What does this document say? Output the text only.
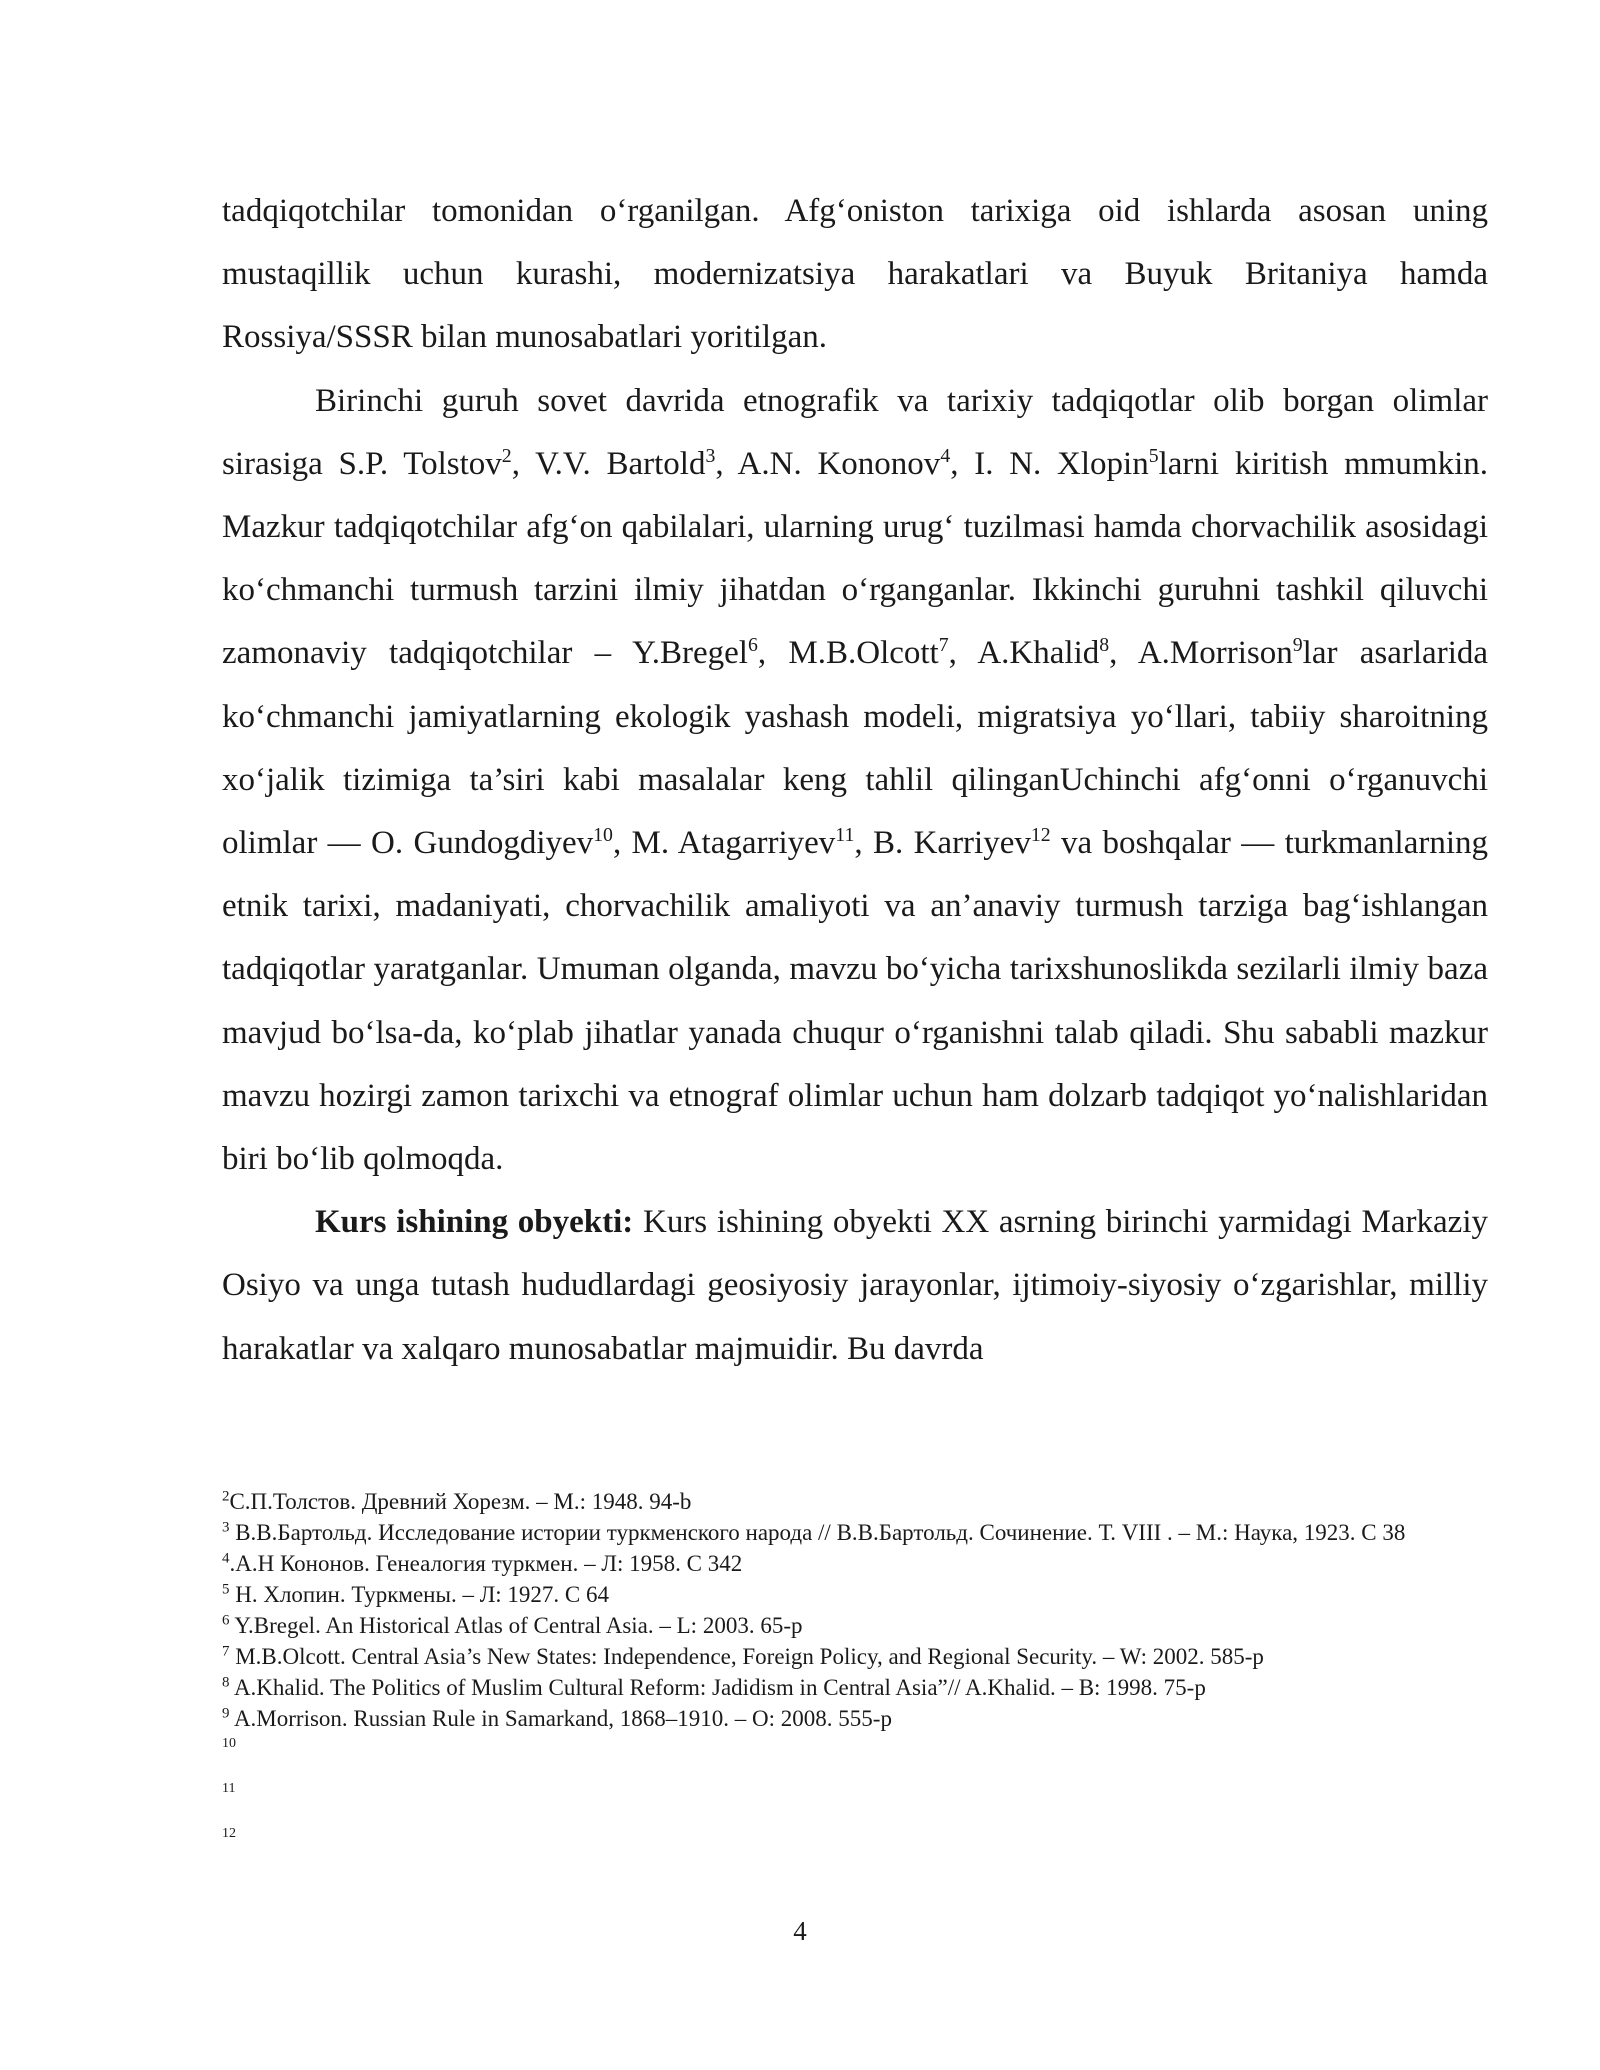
tadqiqotchilar tomonidan o‘rganilgan. Afg‘oniston tarixiga oid ishlarda asosan uning mustaqillik uchun kurashi, modernizatsiya harakatlari va Buyuk Britaniya hamda Rossiya/SSSR bilan munosabatlari yoritilgan.

Birinchi guruh sovet davrida etnografik va tarixiy tadqiqotlar olib borgan olimlar sirasiga S.P. Tolstov$^2$, V.V. Bartold$^3$, A.N. Kononov$^4$, I. N. Xlopin$^5$larni kiritish mmumkin. Mazkur tadqiqotchilar afg‘on qabilalari, ularning urug‘ tuzilmasi hamda chorvachilik asosidagi ko‘chmanchi turmush tarzini ilmiy jihatdan o‘rganganlar. Ikkinchi guruhni tashkil qiluvchi zamonaviy tadqiqotchilar – Y.Bregel$^6$, M.B.Olcott$^7$, A.Khalid$^8$, A.Morrison$^9$lar asarlarida ko‘chmanchi jamiyatlarning ekologik yashash modeli, migratsiya yo‘llari, tabiiy sharoitning xo‘jalik tizimiga ta’siri kabi masalalar keng tahlil qilinganUchinchi afg‘onni o‘rganuvchi olimlar — O. Gundogdiyev$^{10}$, M. Atagarriyev$^{11}$, B. Karriyev$^{12}$ va boshqalar — turkmanlarning etnik tarixi, madaniyati, chorvachilik amaliyoti va an’anaviy turmush tarziga bag‘ishlangan tadqiqotlar yaratganlar. Umuman olganda, mavzu bo‘yicha tarixshunoslikda sezilarli ilmiy baza mavjud bo‘lsa-da, ko‘plab jihatlar yanada chuqur o‘rganishni talab qiladi. Shu sababli mazkur mavzu hozirgi zamon tarixchi va etnograf olimlar uchun ham dolzarb tadqiqot yo‘nalishlaridan biri bo‘lib qolmoqda.

Kurs ishining obyekti: Kurs ishining obyekti XX asrning birinchi yarmidagi Markaziy Osiyo va unga tutash hududlardagi geosiyosiy jarayonlar, ijtimoiy-siyosiy o‘zgarishlar, milliy harakatlar va xalqaro munosabatlar majmuidir. Bu davrda

$^2$С.П.Толстов. Древний Хорезм. – М.: 1948. 94-b

$^3$ В.В.Бартольд. Исследование истории туркменского народа // В.В.Бартольд. Сочинение. Т. VIII . – М.: Наука, 1923. С 38

$^4$.А.Н Кононов. Генеалогия туркмен. – Л: 1958. С 342

$^5$ Н. Хлопин. Туркмены. – Л: 1927. С 64

$^6$ Y.Bregel. An Historical Atlas of Central Asia. – L: 2003. 65-p

$^7$ M.B.Olcott. Central Asia’s New States: Independence, Foreign Policy, and Regional Security. – W: 2002. 585-p

$^8$ A.Khalid. The Politics of Muslim Cultural Reform: Jadidism in Central Asia”// A.Khalid. – B: 1998. 75-p

$^9$ A.Morrison. Russian Rule in Samarkand, 1868–1910. – O: 2008. 555-p

10

11

12

4
